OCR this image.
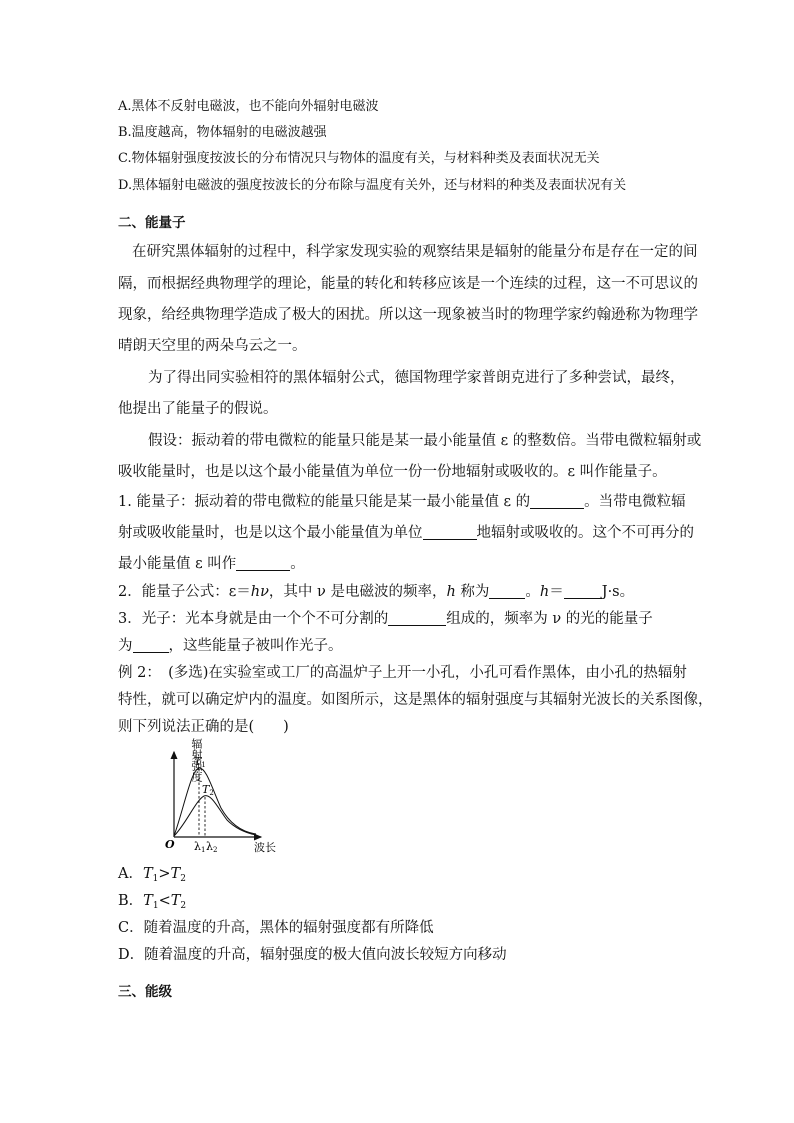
A.黑体不反射电磁波，也不能向外辐射电磁波
B.温度越高，物体辐射的电磁波越强
C.物体辐射强度按波长的分布情况只与物体的温度有关，与材料种类及表面状况无关
D.黑体辐射电磁波的强度按波长的分布除与温度有关外，还与材料的种类及表面状况有关
二、能量子
在研究黑体辐射的过程中，科学家发现实验的观察结果是辐射的能量分布是存在一定的间
隔，而根据经典物理学的理论，能量的转化和转移应该是一个连续的过程，这一不可思议的
现象，给经典物理学造成了极大的困扰。所以这一现象被当时的物理学家约翰逊称为物理学
晴朗天空里的两朵乌云之一。
为了得出同实验相符的黑体辐射公式，德国物理学家普朗克进行了多种尝试，最终，
他提出了能量子的假说。
假设：振动着的带电微粒的能量只能是某一最小能量值 ε 的整数倍。当带电微粒辐射或
吸收能量时，也是以这个最小能量值为单位一份一份地辐射或吸收的。ε 叫作能量子。
1. 能量子：振动着的带电微粒的能量只能是某一最小能量值 ε 的	。当带电微粒辐
射或吸收能量时，也是以这个最小能量值为单位	地辐射或吸收的。这个不可再分的
最小能量值 ε 叫作	。
2．能量子公式：ε＝hν，其中 ν 是电磁波的频率，h 称为 。h＝	J·s。
3．光子：光本身就是由一个个不可分割的	组成的，频率为 ν 的光的能量子
为 ，这些能量子被叫作光子。
例 2：　(多选)在实验室或工厂的高温炉子上开一小孔，小孔可看作黑体，由小孔的热辐射
特性，就可以确定炉内的温度。如图所示，这是黑体的辐射强度与其辐射光波长的关系图像，
则下列说法正确的是(　　)
辐射强度
T1
T2
O λ1 λ2	波长
A．$T_1>T_2$
B．$T_1<T_2$
C．随着温度的升高，黑体的辐射强度都有所降低
D．随着温度的升高，辐射强度的极大值向波长较短方向移动
三、能级
